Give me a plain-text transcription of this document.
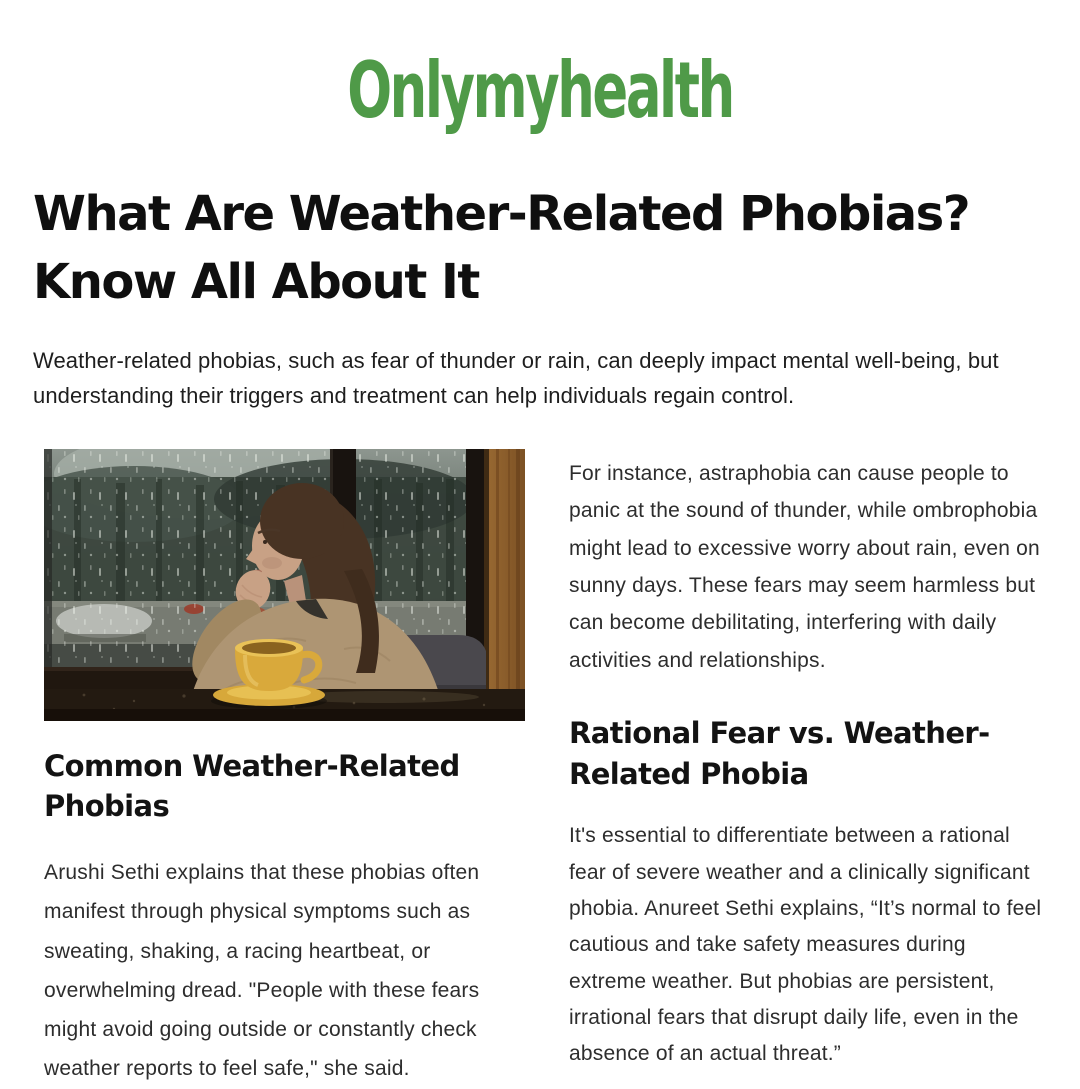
Onlymyhealth
What Are Weather-Related Phobias?
Know All About It

Weather-related phobias, such as fear of thunder or rain, can deeply impact mental well-being, but understanding their triggers and treatment can help individuals regain control.

Common Weather-Related Phobias

Arushi Sethi explains that these phobias often manifest through physical symptoms such as sweating, shaking, a racing heartbeat, or overwhelming dread. "People with these fears might avoid going outside or constantly check weather reports to feel safe," she said.

For instance, astraphobia can cause people to panic at the sound of thunder, while ombrophobia might lead to excessive worry about rain, even on sunny days. These fears may seem harmless but can become debilitating, interfering with daily activities and relationships.

Rational Fear vs. Weather-Related Phobia

It's essential to differentiate between a rational fear of severe weather and a clinically significant phobia. Anureet Sethi explains, “It’s normal to feel cautious and take safety measures during extreme weather. But phobias are persistent, irrational fears that disrupt daily life, even in the absence of an actual threat.”
